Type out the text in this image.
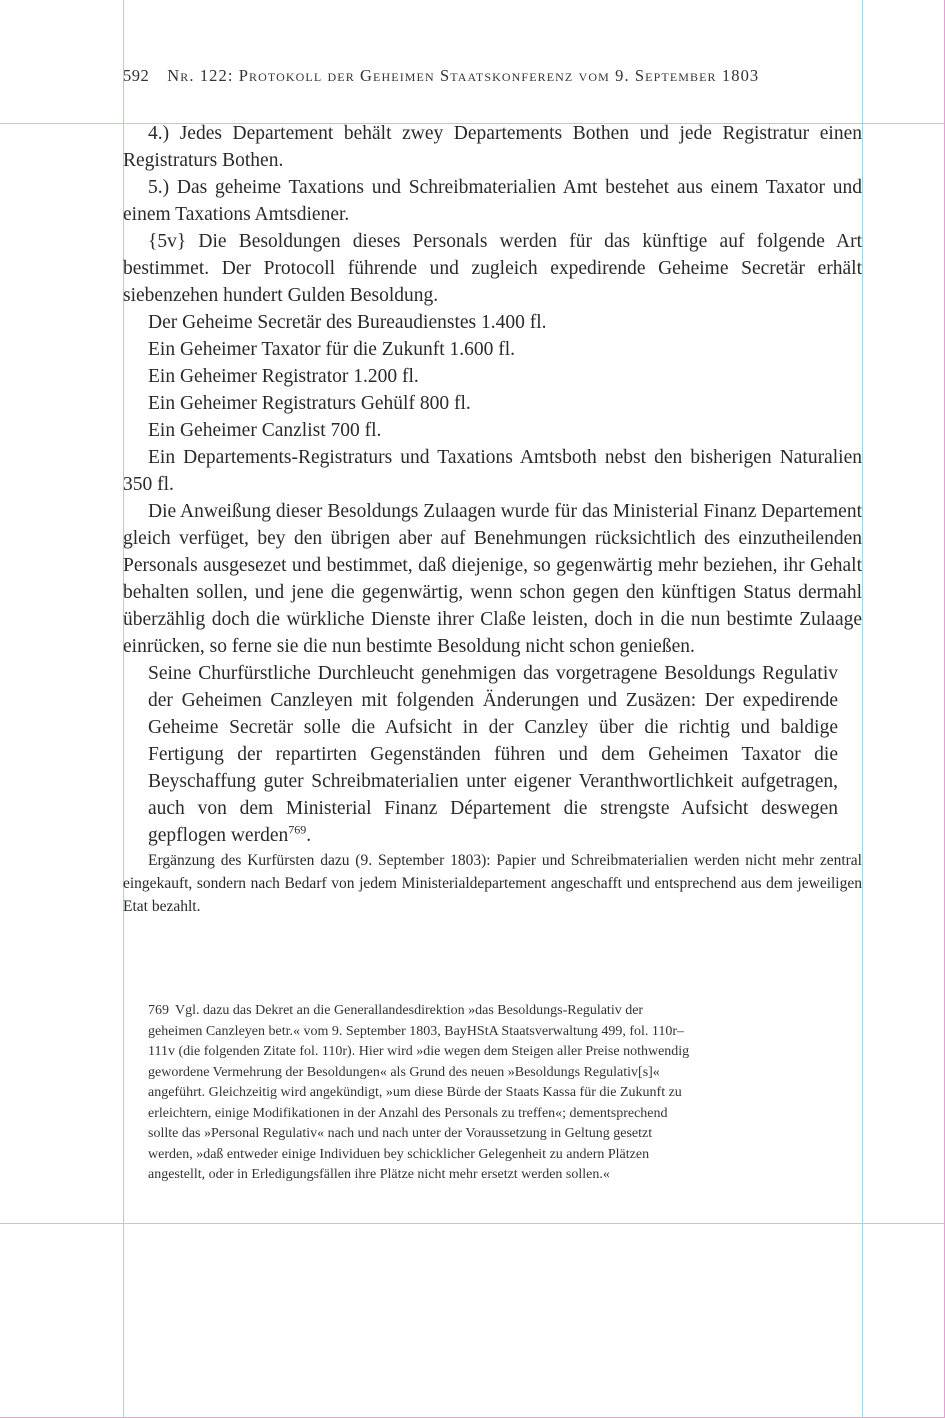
592 Nr. 122: Protokoll der Geheimen Staatskonferenz vom 9. September 1803

4.) Jedes Departement behält zwey Departements Bothen und jede Registratur einen Registraturs Bothen.

5.) Das geheime Taxations und Schreibmaterialien Amt bestehet aus einem Taxator und einem Taxations Amtsdiener.

{5v} Die Besoldungen dieses Personals werden für das künftige auf folgende Art bestimmet. Der Protocoll führende und zugleich expedirende Geheime Secretär erhält siebenzehen hundert Gulden Besoldung.

Der Geheime Secretär des Bureaudienstes 1.400 fl.

Ein Geheimer Taxator für die Zukunft 1.600 fl.

Ein Geheimer Registrator 1.200 fl.

Ein Geheimer Registraturs Gehülf 800 fl.

Ein Geheimer Canzlist 700 fl.

Ein Departements-Registraturs und Taxations Amtsboth nebst den bisherigen Naturalien 350 fl.

Die Anweißung dieser Besoldungs Zulaagen wurde für das Ministerial Finanz Departement gleich verfüget, bey den übrigen aber auf Benehmungen rücksichtlich des einzutheilenden Personals ausgesezet und bestimmet, daß diejenige, so gegenwärtig mehr beziehen, ihr Gehalt behalten sollen, und jene die gegenwärtig, wenn schon gegen den künftigen Status dermahl überzählig doch die würkliche Dienste ihrer Claße leisten, doch in die nun bestimte Zulaage einrücken, so ferne sie die nun bestimte Besoldung nicht schon genießen.

Seine Churfürstliche Durchleucht genehmigen das vorgetragene Besoldungs Regulativ der Geheimen Canzleyen mit folgenden Änderungen und Zusäzen: Der expedirende Geheime Secretär solle die Aufsicht in der Canzley über die richtig und baldige Fertigung der repartirten Gegenständen führen und dem Geheimen Taxator die Beyschaffung guter Schreibmaterialien unter eigener Veranthwortlichkeit aufgetragen, auch von dem Ministerial Finanz Département die strengste Aufsicht deswegen gepflogen werden$^{769}$.

Ergänzung des Kurfürsten dazu (9. September 1803): Papier und Schreibmaterialien werden nicht mehr zentral eingekauft, sondern nach Bedarf von jedem Ministerialdepartement angeschafft und entsprechend aus dem jeweiligen Etat bezahlt.

769 Vgl. dazu das Dekret an die Generallandesdirektion »das Besoldungs-Regulativ der geheimen Canzleyen betr.« vom 9. September 1803, BayHStA Staatsverwaltung 499, fol. 110r–111v (die folgenden Zitate fol. 110r). Hier wird »die wegen dem Steigen aller Preise nothwendig gewordene Vermehrung der Besoldungen« als Grund des neuen »Besoldungs Regulativ[s]« angeführt. Gleichzeitig wird angekündigt, »um diese Bürde der Staats Kassa für die Zukunft zu erleichtern, einige Modifikationen in der Anzahl des Personals zu treffen«; dementsprechend sollte das »Personal Regulativ« nach und nach unter der Voraussetzung in Geltung gesetzt werden, »daß entweder einige Individuen bey schicklicher Gelegenheit zu andern Plätzen angestellt, oder in Erledigungsfällen ihre Plätze nicht mehr ersetzt werden sollen.«
